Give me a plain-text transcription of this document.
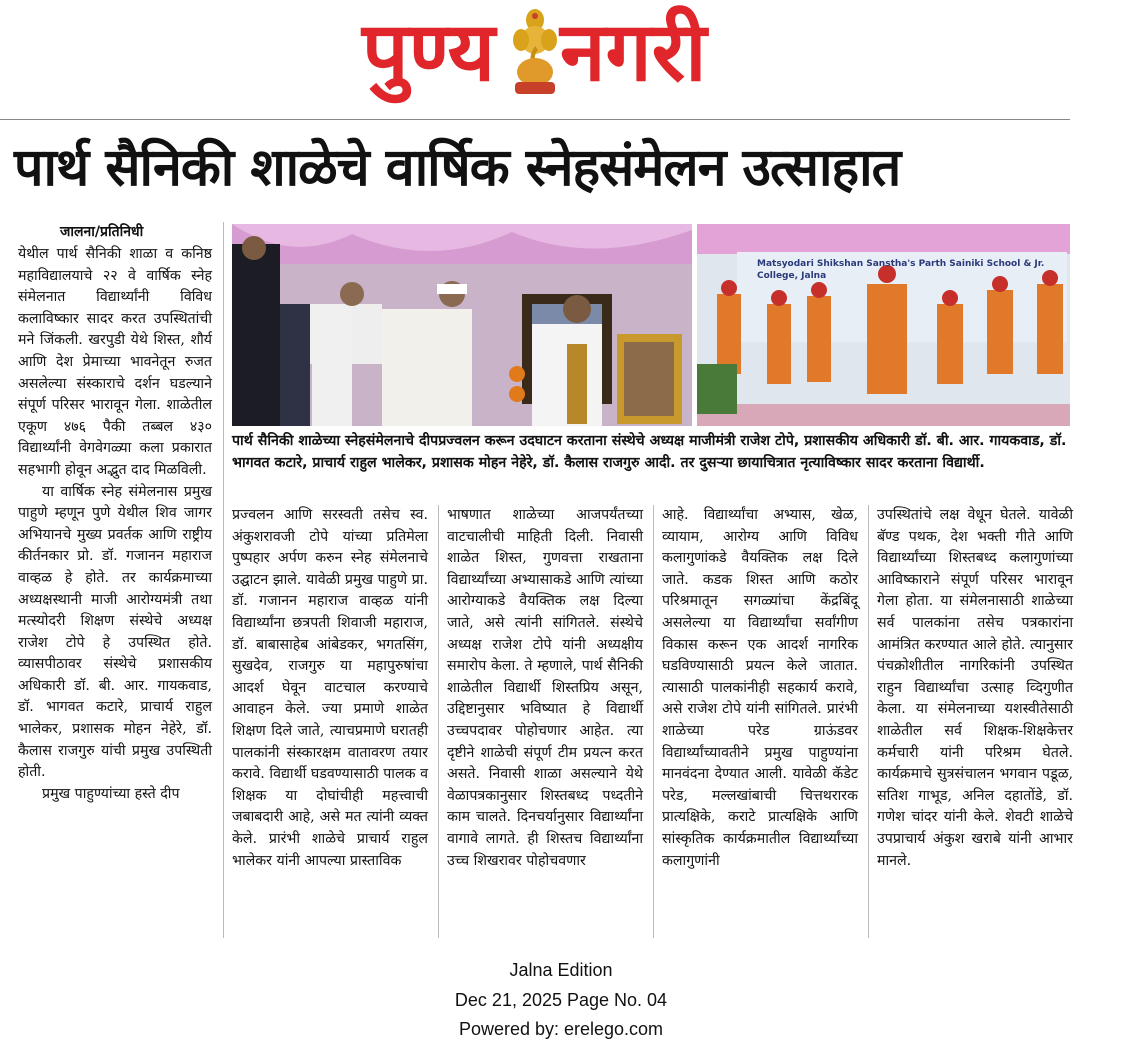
पुण्य नगरी
पार्थ सैनिकी शाळेचे वार्षिक स्नेहसंमेलन उत्साहात
जालना/प्रतिनिधी

येथील पार्थ सैनिकी शाळा व कनिष्ठ महाविद्यालयाचे २२ वे वार्षिक स्नेह संमेलनात विद्यार्थ्यांनी विविध कलाविष्कार सादर करत उपस्थितांची मने जिंकली. खरपुडी येथे शिस्त, शौर्य आणि देश प्रेमाच्या भावनेतून रुजत असलेल्या संस्काराचे दर्शन घडल्याने संपूर्ण परिसर भारावून गेला. शाळेतील एकूण ४७६ पैकी तब्बल ४३० विद्यार्थ्यांनी वेगवेगळ्या कला प्रकारात सहभागी होवून अद्भुत दाद मिळविली.

या वार्षिक स्नेह संमेलनास प्रमुख पाहुणे म्हणून पुणे येथील शिव जागर अभियानचे मुख्य प्रवर्तक आणि राष्ट्रीय कीर्तनकार प्रो. डॉ. गजानन महाराज वाव्हळ हे होते. तर कार्यक्रमाच्या अध्यक्षस्थानी माजी आरोग्यमंत्री तथा मत्स्योदरी शिक्षण संस्थेचे अध्यक्ष राजेश टोपे हे उपस्थित होते. व्यासपीठावर संस्थेचे प्रशासकीय अधिकारी डॉ. बी. आर. गायकवाड, डॉ. भागवत कटारे, प्राचार्य राहुल भालेकर, प्रशासक मोहन नेहेरे, डॉ. कैलास राजगुरु यांची प्रमुख उपस्थिती होती.

प्रमुख पाहुण्यांच्या हस्ते दीप

Matsyodari Shikshan Sanstha's Parth Sainiki School & Jr. College, Jalna

पार्थ सैनिकी शाळेच्या स्नेहसंमेलनाचे दीपप्रज्वलन करून उदघाटन करताना संस्थेचे अध्यक्ष माजीमंत्री राजेश टोपे, प्रशासकीय अधिकारी डॉ. बी. आर. गायकवाड, डॉ. भागवत कटारे, प्राचार्य राहुल भालेकर, प्रशासक मोहन नेहेरे, डॉ. कैलास राजगुरु आदी. तर दुसऱ्या छायाचित्रात नृत्याविष्कार सादर करताना विद्यार्थी.

प्रज्वलन आणि सरस्वती तसेच स्व. अंकुशरावजी टोपे यांच्या प्रतिमेला पुष्पहार अर्पण करुन स्नेह संमेलनाचे उद्घाटन झाले. यावेळी प्रमुख पाहुणे प्रा. डॉ. गजानन महाराज वाव्हळ यांनी विद्यार्थ्यांना छत्रपती शिवाजी महाराज, डॉ. बाबासाहेब आंबेडकर, भगतसिंग, सुखदेव, राजगुरु या महापुरुषांचा आदर्श घेवून वाटचाल करण्याचे आवाहन केले. ज्या प्रमाणे शाळेत शिक्षण दिले जाते, त्याचप्रमाणे घरातही पालकांनी संस्कारक्षम वातावरण तयार करावे. विद्यार्थी घडवण्यासाठी पालक व शिक्षक या दोघांचीही महत्त्वाची जबाबदारी आहे, असे मत त्यांनी व्यक्त केले. प्रारंभी शाळेचे प्राचार्य राहुल भालेकर यांनी आपल्या प्रास्ताविक

भाषणात शाळेच्या आजपर्यंतच्या वाटचालीची माहिती दिली. निवासी शाळेत शिस्त, गुणवत्ता राखताना विद्यार्थ्यांच्या अभ्यासाकडे आणि त्यांच्या आरोग्याकडे वैयक्तिक लक्ष दिल्या जाते, असे त्यांनी सांगितले. संस्थेचे अध्यक्ष राजेश टोपे यांनी अध्यक्षीय समारोप केला. ते म्हणाले, पार्थ सैनिकी शाळेतील विद्यार्थी शिस्तप्रिय असून, उद्दिष्टानुसार भविष्यात हे विद्यार्थी उच्चपदावर पोहोचणार आहेत. त्या दृष्टीने शाळेची संपूर्ण टीम प्रयत्न करत असते. निवासी शाळा असल्याने येथे वेळापत्रकानुसार शिस्तबध्द पध्दतीने काम चालते. दिनचर्यानुसार विद्यार्थ्यांना वागावे लागते. ही शिस्तच विद्यार्थ्यांना उच्च शिखरावर पोहोचवणार

आहे. विद्यार्थ्यांचा अभ्यास, खेळ, व्यायाम, आरोग्य आणि विविध कलागुणांकडे वैयक्तिक लक्ष दिले जाते. कडक शिस्त आणि कठोर परिश्रमातून सगळ्यांचा केंद्रबिंदू असलेल्या या विद्यार्थ्यांचा सर्वांगीण विकास करून एक आदर्श नागरिक घडविण्यासाठी प्रयत्न केले जातात. त्यासाठी पालकांनीही सहकार्य करावे, असे राजेश टोपे यांनी सांगितले. प्रारंभी शाळेच्या परेड ग्राऊंडवर विद्यार्थ्यांच्यावतीने प्रमुख पाहुण्यांना मानवंदना देण्यात आली. यावेळी कॅडेट परेड, मल्लखांबाची चित्तथरारक प्रात्यक्षिके, कराटे प्रात्यक्षिके आणि सांस्कृतिक कार्यक्रमातील विद्यार्थ्यांच्या कलागुणांनी

उपस्थितांचे लक्ष वेधून घेतले. यावेळी बॅण्ड पथक, देश भक्ती गीते आणि विद्यार्थ्यांच्या शिस्तबध्द कलागुणांच्या आविष्काराने संपूर्ण परिसर भारावून गेला होता. या संमेलनासाठी शाळेच्या सर्व पालकांना तसेच पत्रकारांना आमंत्रित करण्यात आले होते. त्यानुसार पंचक्रोशीतील नागरिकांनी उपस्थित राहुन विद्यार्थ्यांचा उत्साह व्दिगुणीत केला. या संमेलनाच्या यशस्वीतेसाठी शाळेतील सर्व शिक्षक-शिक्षकेत्तर कर्मचारी यांनी परिश्रम घेतले. कार्यक्रमाचे सुत्रसंचालन भगवान पडूळ, सतिश गाभूड, अनिल दहातोंडे, डॉ. गणेश चांदर यांनी केले. शेवटी शाळेचे उपप्राचार्य अंकुश खराबे यांनी आभार मानले.

Jalna Edition
Dec 21, 2025 Page No. 04
Powered by: erelego.com
